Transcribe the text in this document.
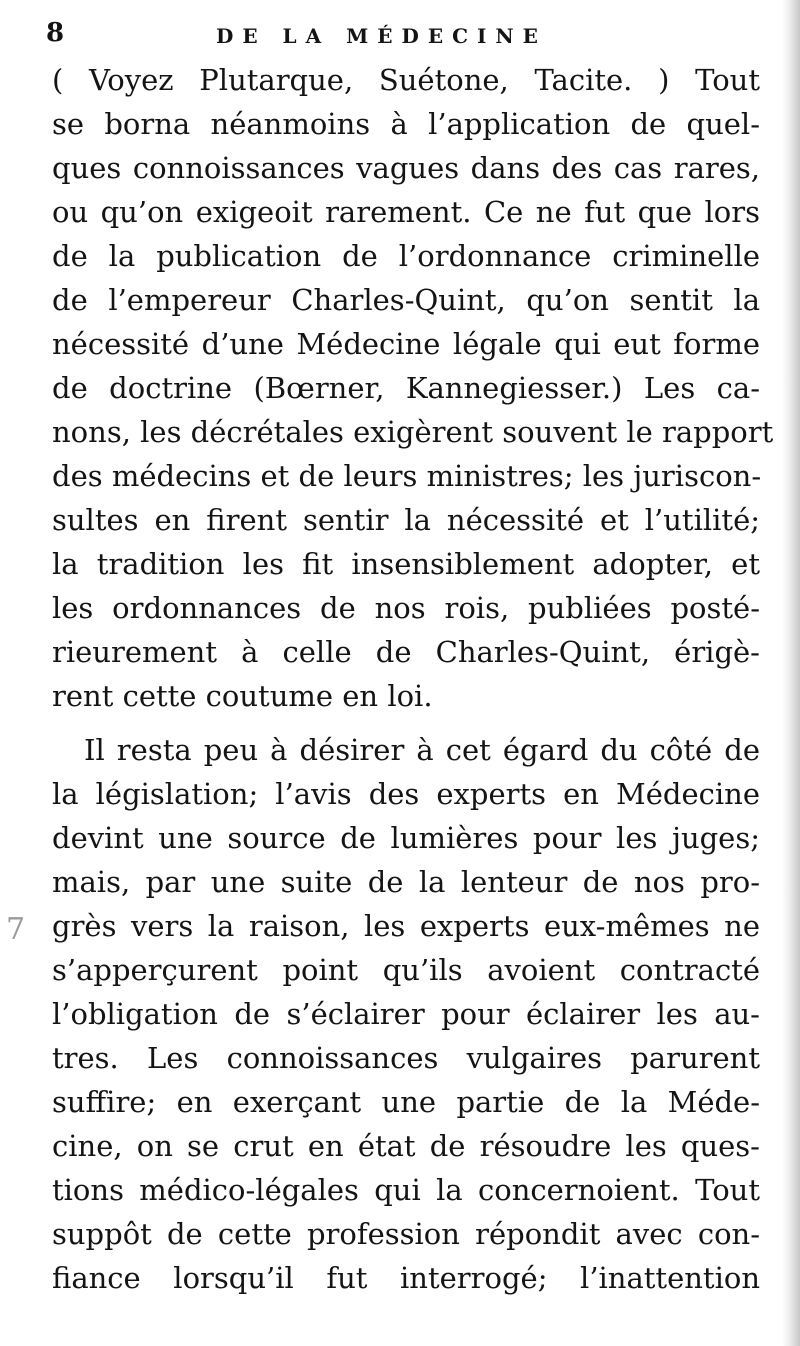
8	DE LA MÉDECINE
7
( Voyez Plutarque, Suétone, Tacite. ) Tout
se borna néanmoins à l’application de quel-
ques connoissances vagues dans des cas rares,
ou qu’on exigeoit rarement. Ce ne fut que lors
de la publication de l’ordonnance criminelle
de l’empereur Charles-Quint, qu’on sentit la
nécessité d’une Médecine légale qui eut forme
de doctrine (Bœrner, Kannegiesser.) Les ca-
nons, les décrétales exigèrent souvent le rapport
des médecins et de leurs ministres; les juriscon-
sultes en firent sentir la nécessité et l’utilité;
la tradition les fit insensiblement adopter, et
les ordonnances de nos rois, publiées posté-
rieurement à celle de Charles-Quint, érigè-
rent cette coutume en loi.
Il resta peu à désirer à cet égard du côté de
la législation; l’avis des experts en Médecine
devint une source de lumières pour les juges;
mais, par une suite de la lenteur de nos pro-
grès vers la raison, les experts eux-mêmes ne
s’apperçurent point qu’ils avoient contracté
l’obligation de s’éclairer pour éclairer les au-
tres. Les connoissances vulgaires parurent
suffire; en exerçant une partie de la Méde-
cine, on se crut en état de résoudre les ques-
tions médico-légales qui la concernoient. Tout
suppôt de cette profession répondit avec con-
fiance lorsqu’il fut interrogé; l’inattention
